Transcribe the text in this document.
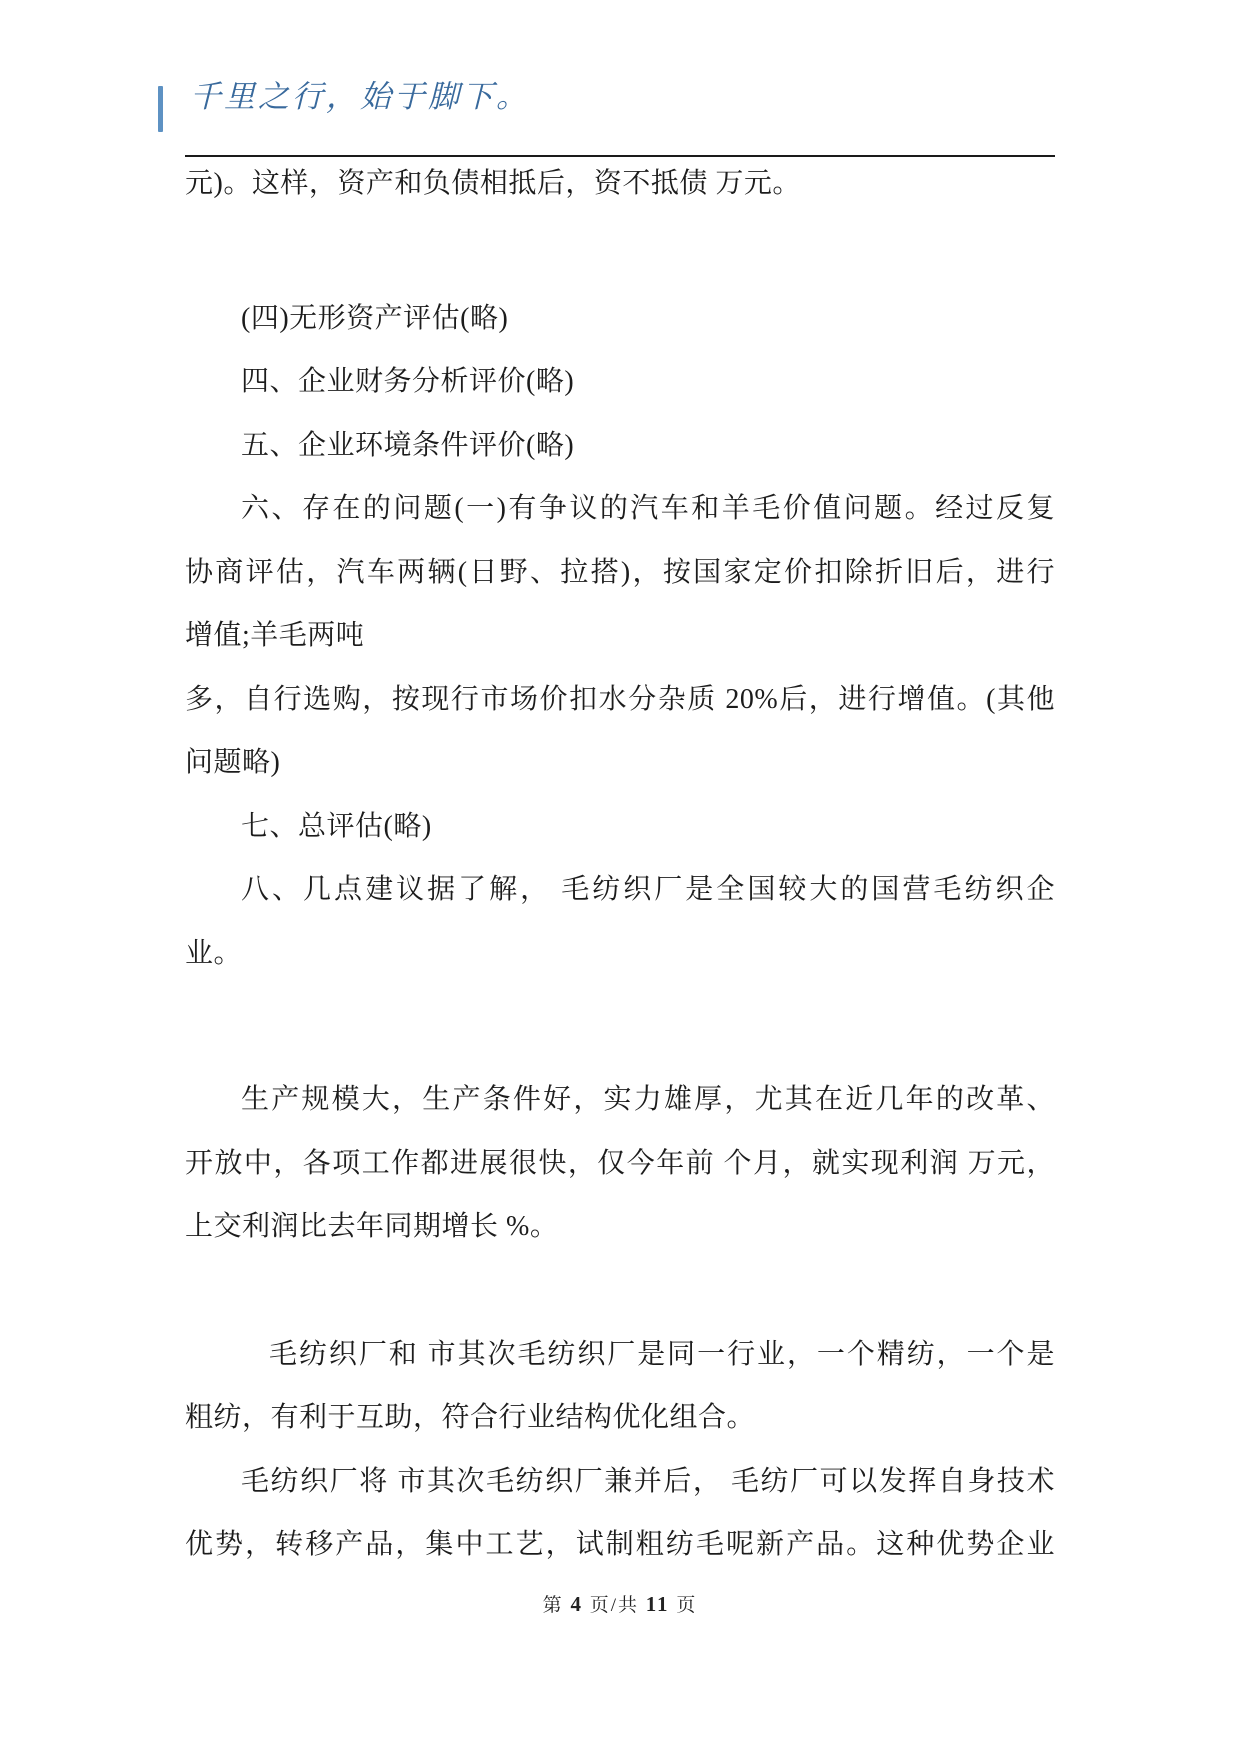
千里之行，始于脚下。
元)。这样，资产和负债相抵后，资不抵债 万元。
(四)无形资产评估(略)
四、企业财务分析评价(略)
五、企业环境条件评价(略)
六、存在的问题(一)有争议的汽车和羊毛价值问题。经过反复
协商评估，汽车两辆(日野、拉搭)，按国家定价扣除折旧后，进行
增值;羊毛两吨
多，自行选购，按现行市场价扣水分杂质 20%后，进行增值。(其他
问题略)
七、总评估(略)
八、几点建议据了解， 毛纺织厂是全国较大的国营毛纺织企
业。
生产规模大，生产条件好，实力雄厚，尤其在近几年的改革、
开放中，各项工作都进展很快，仅今年前 个月，就实现利润 万元，
上交利润比去年同期增长 %。
毛纺织厂和 市其次毛纺织厂是同一行业，一个精纺，一个是
粗纺，有利于互助，符合行业结构优化组合。
毛纺织厂将 市其次毛纺织厂兼并后， 毛纺厂可以发挥自身技术
优势，转移产品，集中工艺，试制粗纺毛呢新产品。这种优势企业
第 4 页/共 11 页
